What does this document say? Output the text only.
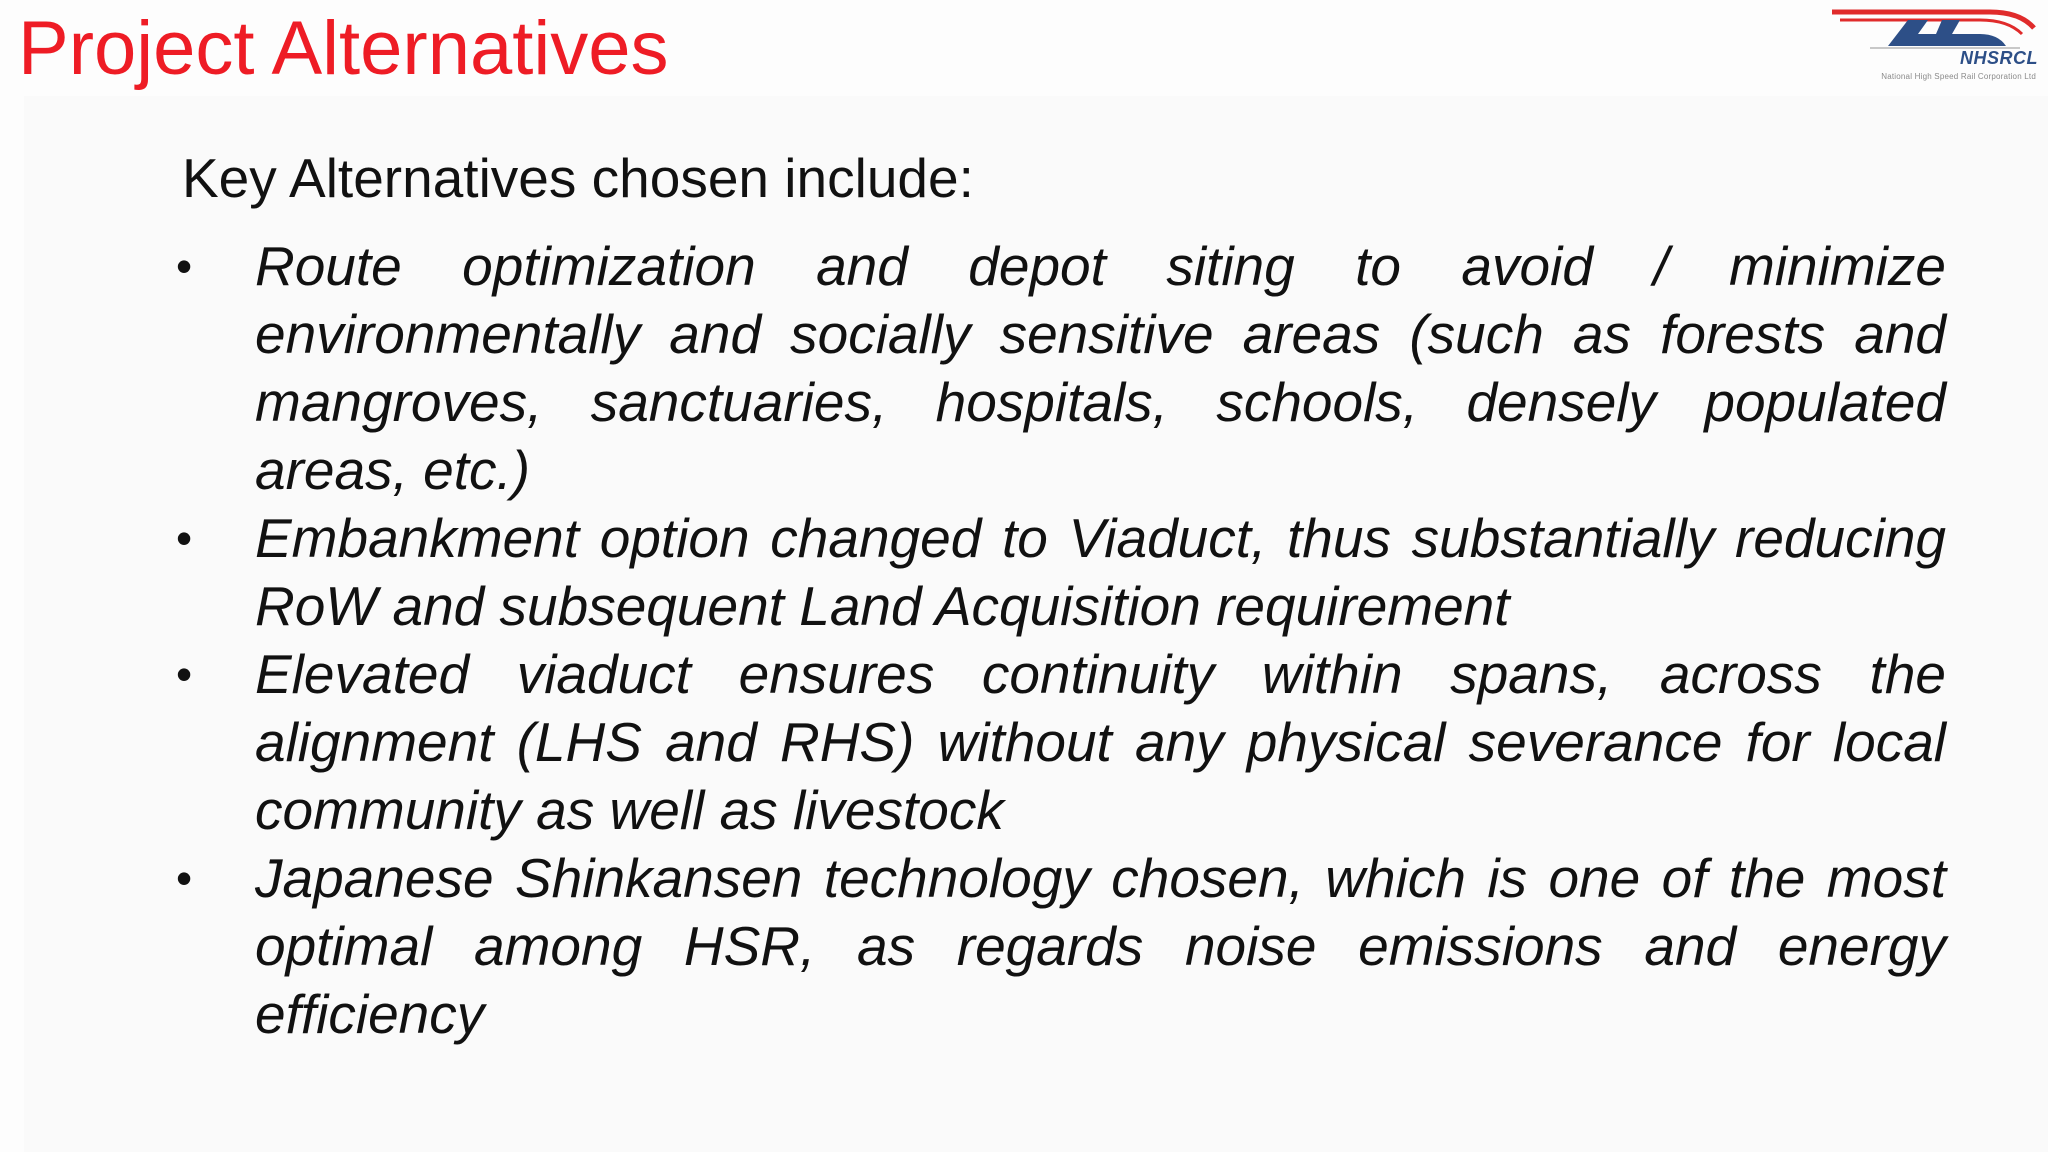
Project Alternatives	NHSRCL
National High Speed Rail Corporation Ltd

Key Alternatives chosen include:

• Route optimization and depot siting to avoid / minimize environmentally and socially sensitive areas (such as forests and mangroves, sanctuaries, hospitals, schools, densely populated areas, etc.)
• Embankment option changed to Viaduct, thus substantially reducing RoW and subsequent Land Acquisition requirement
• Elevated viaduct ensures continuity within spans, across the alignment (LHS and RHS) without any physical severance for local community as well as livestock
• Japanese Shinkansen technology chosen, which is one of the most optimal among HSR, as regards noise emissions and energy efficiency
